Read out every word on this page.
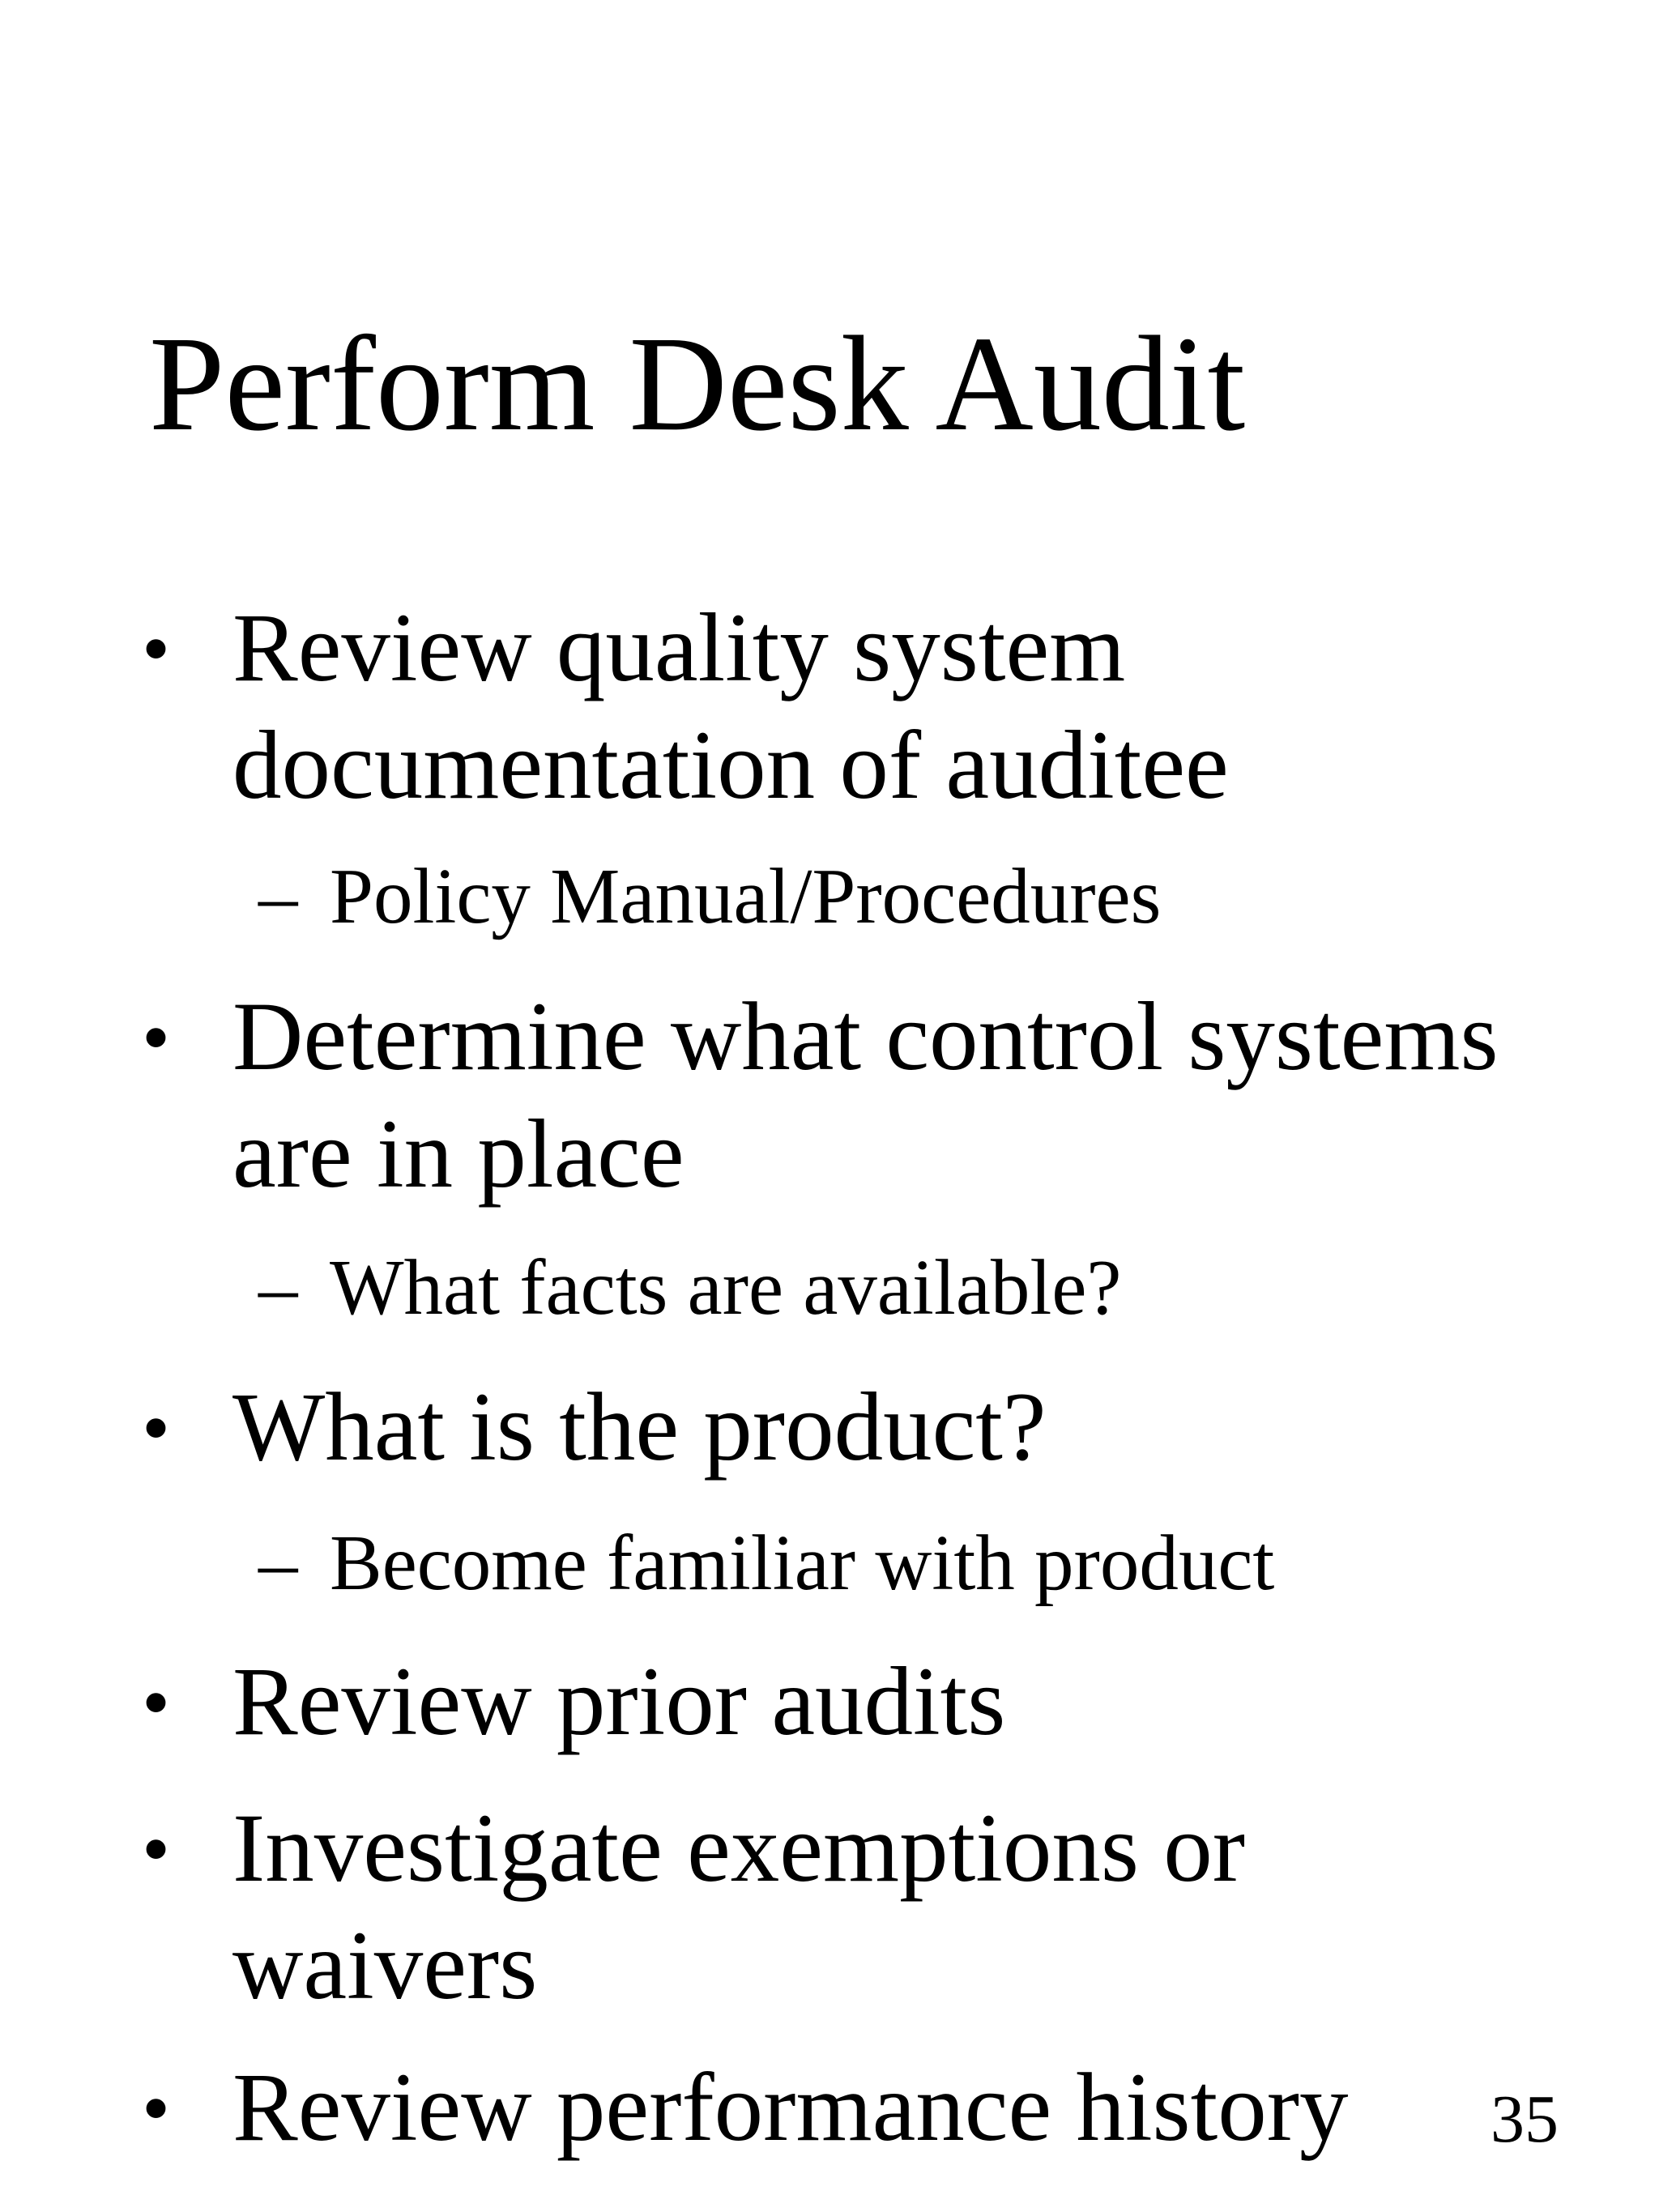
Perform Desk Audit
• Review quality system
documentation of auditee
– Policy Manual/Procedures
• Determine what control systems
are in place
– What facts are available?
• What is the product?
– Become familiar with product
• Review prior audits
• Investigate exemptions or
waivers
• Review performance history 35
